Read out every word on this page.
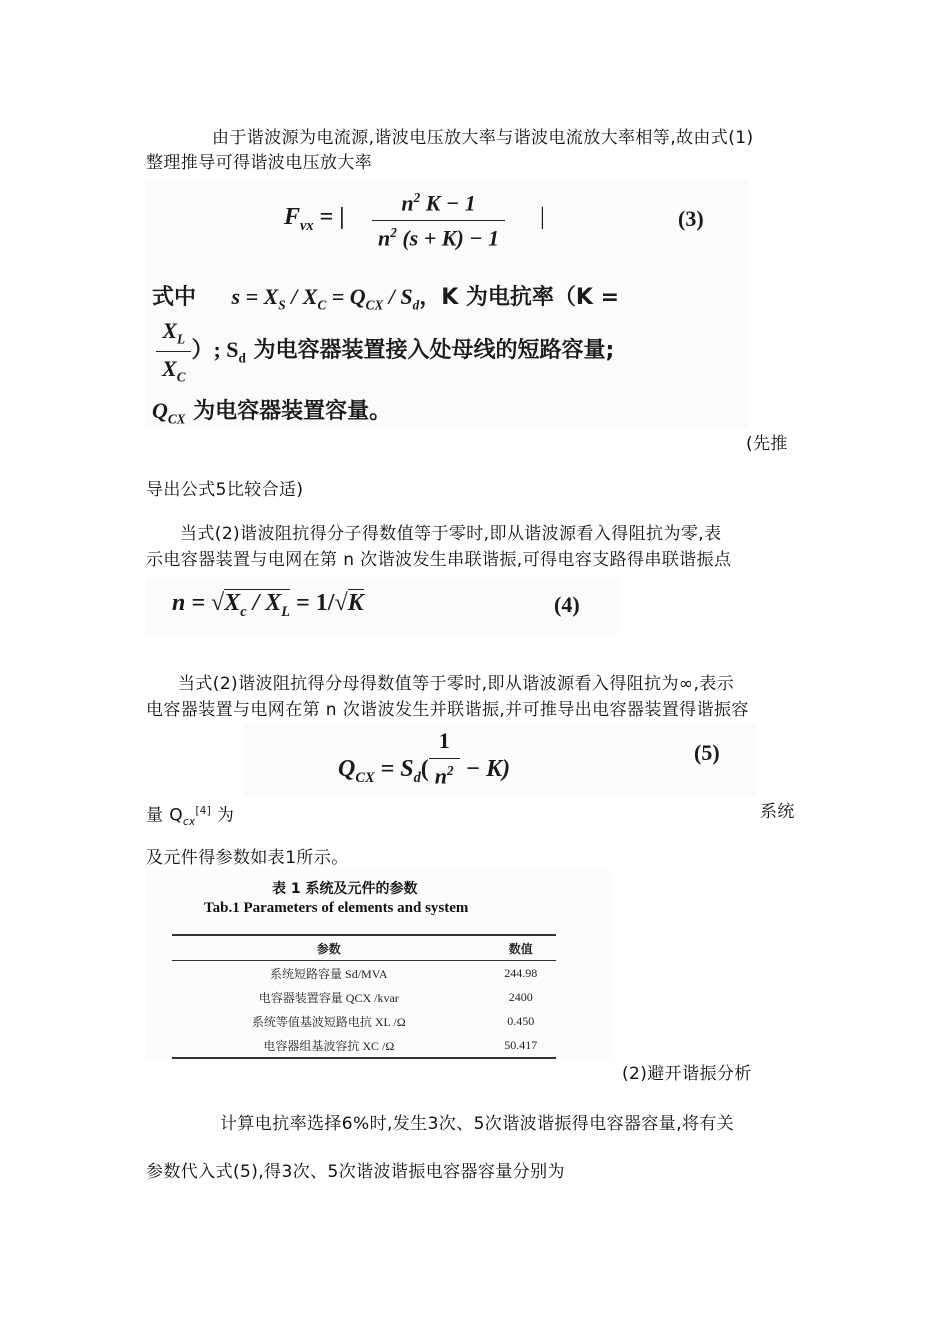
由于谐波源为电流源,谐波电压放大率与谐波电流放大率相等,故由式(1)
整理推导可得谐波电压放大率
$F_{vx}$ = | $\frac{n^2 K - 1}{n^2 (s + K) - 1}$ |	(3)
式中 $s = X_S / X_C = Q_{CX} / S_d$，K 为电抗率（K =
$\frac{X_L}{X_C}$ ）; $S_d$ 为电容器装置接入处母线的短路容量;
$Q_{CX}$ 为电容器装置容量。
(先推
导出公式5比较合适)
当式(2)谐波阻抗得分子得数值等于零时,即从谐波源看入得阻抗为零,表
示电容器装置与电网在第 n 次谐波发生串联谐振,可得电容支路得串联谐振点
$n = √X_c / X_L = 1/√K$	(4)
当式(2)谐波阻抗得分母得数值等于零时,即从谐波源看入得阻抗为∞,表示
电容器装置与电网在第 n 次谐波发生并联谐振,并可推导出电容器装置得谐振容
$Q_{CX} = S_d( \frac{1}{n^2} - K)$
(5)
量 $Q_{cx}[4]$ 为	系统
及元件得参数如表1所示。
表 1 系统及元件的参数
Tab.1 Parameters of elements and system
参数	数值
系统短路容量 Sd/MVA	244.98
电容器装置容量 QCX /kvar	2400
系统等值基波短路电抗 XL /Ω	0.450
电容器组基波容抗 XC /Ω	50.417
(2)避开谐振分析
计算电抗率选择6%时,发生3次、5次谐波谐振得电容器容量,将有关
参数代入式(5),得3次、5次谐波谐振电容器容量分别为
